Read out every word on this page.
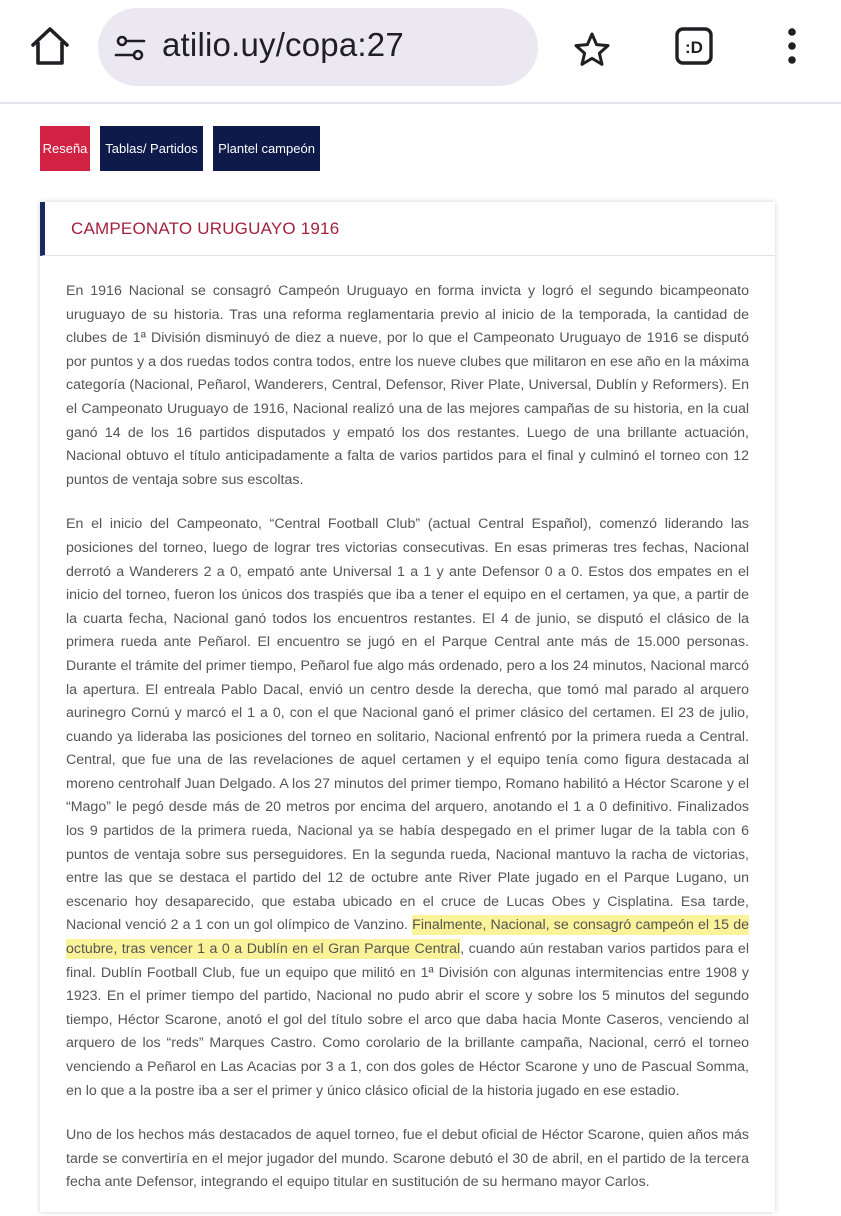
atilio.uy/copa:27	:D
Reseña	Tablas/ Partidos	Plantel campeón
CAMPEONATO URUGUAYO 1916

En 1916 Nacional se consagró Campeón Uruguayo en forma invicta y logró el segundo bicampeonato uruguayo de su historia. Tras una reforma reglamentaria previo al inicio de la temporada, la cantidad de clubes de 1ª División disminuyó de diez a nueve, por lo que el Campeonato Uruguayo de 1916 se disputó por puntos y a dos ruedas todos contra todos, entre los nueve clubes que militaron en ese año en la máxima categoría (Nacional, Peñarol, Wanderers, Central, Defensor, River Plate, Universal, Dublín y Reformers). En el Campeonato Uruguayo de 1916, Nacional realizó una de las mejores campañas de su historia, en la cual ganó 14 de los 16 partidos disputados y empató los dos restantes. Luego de una brillante actuación, Nacional obtuvo el título anticipadamente a falta de varios partidos para el final y culminó el torneo con 12 puntos de ventaja sobre sus escoltas.

En el inicio del Campeonato, “Central Football Club” (actual Central Español), comenzó liderando las posiciones del torneo, luego de lograr tres victorias consecutivas. En esas primeras tres fechas, Nacional derrotó a Wanderers 2 a 0, empató ante Universal 1 a 1 y ante Defensor 0 a 0. Estos dos empates en el inicio del torneo, fueron los únicos dos traspiés que iba a tener el equipo en el certamen, ya que, a partir de la cuarta fecha, Nacional ganó todos los encuentros restantes. El 4 de junio, se disputó el clásico de la primera rueda ante Peñarol. El encuentro se jugó en el Parque Central ante más de 15.000 personas. Durante el trámite del primer tiempo, Peñarol fue algo más ordenado, pero a los 24 minutos, Nacional marcó la apertura. El entreala Pablo Dacal, envió un centro desde la derecha, que tomó mal parado al arquero aurinegro Cornú y marcó el 1 a 0, con el que Nacional ganó el primer clásico del certamen. El 23 de julio, cuando ya lideraba las posiciones del torneo en solitario, Nacional enfrentó por la primera rueda a Central. Central, que fue una de las revelaciones de aquel certamen y el equipo tenía como figura destacada al moreno centrohalf Juan Delgado. A los 27 minutos del primer tiempo, Romano habilitó a Héctor Scarone y el “Mago” le pegó desde más de 20 metros por encima del arquero, anotando el 1 a 0 definitivo. Finalizados los 9 partidos de la primera rueda, Nacional ya se había despegado en el primer lugar de la tabla con 6 puntos de ventaja sobre sus perseguidores. En la segunda rueda, Nacional mantuvo la racha de victorias, entre las que se destaca el partido del 12 de octubre ante River Plate jugado en el Parque Lugano, un escenario hoy desaparecido, que estaba ubicado en el cruce de Lucas Obes y Cisplatina. Esa tarde, Nacional venció 2 a 1 con un gol olímpico de Vanzino. Finalmente, Nacional, se consagró campeón el 15 de octubre, tras vencer 1 a 0 a Dublín en el Gran Parque Central, cuando aún restaban varios partidos para el final. Dublín Football Club, fue un equipo que militó en 1ª División con algunas intermitencias entre 1908 y 1923. En el primer tiempo del partido, Nacional no pudo abrir el score y sobre los 5 minutos del segundo tiempo, Héctor Scarone, anotó el gol del título sobre el arco que daba hacia Monte Caseros, venciendo al arquero de los “reds” Marques Castro. Como corolario de la brillante campaña, Nacional, cerró el torneo venciendo a Peñarol en Las Acacias por 3 a 1, con dos goles de Héctor Scarone y uno de Pascual Somma, en lo que a la postre iba a ser el primer y único clásico oficial de la historia jugado en ese estadio.

Uno de los hechos más destacados de aquel torneo, fue el debut oficial de Héctor Scarone, quien años más tarde se convertiría en el mejor jugador del mundo. Scarone debutó el 30 de abril, en el partido de la tercera fecha ante Defensor, integrando el equipo titular en sustitución de su hermano mayor Carlos.
